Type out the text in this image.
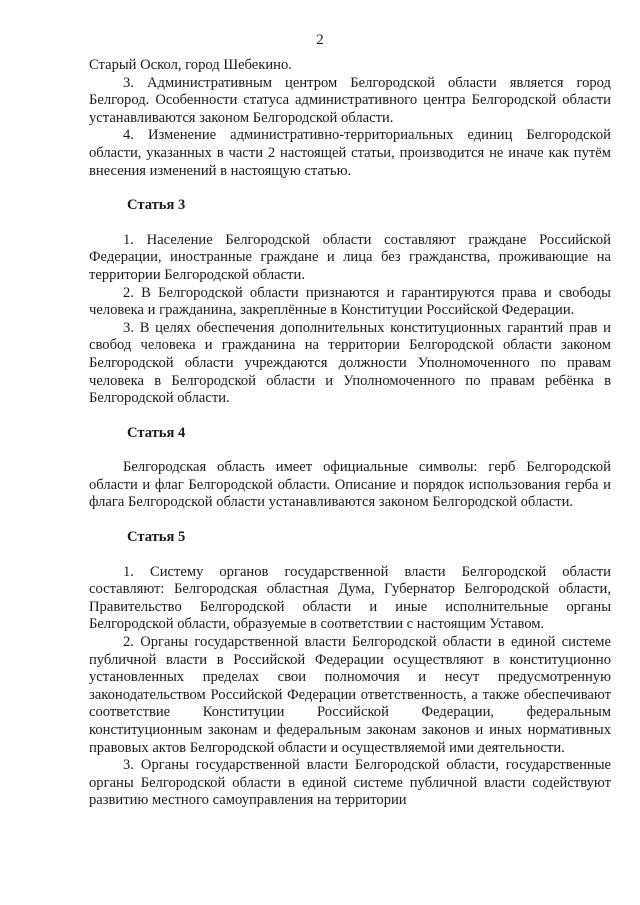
2

Старый Оскол, город Шебекино.

3. Административным центром Белгородской области является город Белгород. Особенности статуса административного центра Белгородской области устанавливаются законом Белгородской области.

4. Изменение административно-территориальных единиц Белгородской области, указанных в части 2 настоящей статьи, производится не иначе как путём внесения изменений в настоящую статью.

Статья 3

1. Население Белгородской области составляют граждане Российской Федерации, иностранные граждане и лица без гражданства, проживающие на территории Белгородской области.

2. В Белгородской области признаются и гарантируются права и свободы человека и гражданина, закреплённые в Конституции Российской Федерации.

3. В целях обеспечения дополнительных конституционных гарантий прав и свобод человека и гражданина на территории Белгородской области законом Белгородской области учреждаются должности Уполномоченного по правам человека в Белгородской области и Уполномоченного по правам ребёнка в Белгородской области.

Статья 4

Белгородская область имеет официальные символы: герб Белгородской области и флаг Белгородской области. Описание и порядок использования герба и флага Белгородской области устанавливаются законом Белгородской области.

Статья 5

1. Систему органов государственной власти Белгородской области составляют: Белгородская областная Дума, Губернатор Белгородской области, Правительство Белгородской области и иные исполнительные органы Белгородской области, образуемые в соответствии с настоящим Уставом.

2. Органы государственной власти Белгородской области в единой системе публичной власти в Российской Федерации осуществляют в конституционно установленных пределах свои полномочия и несут предусмотренную законодательством Российской Федерации ответственность, а также обеспечивают соответствие Конституции Российской Федерации, федеральным конституционным законам и федеральным законам законов и иных нормативных правовых актов Белгородской области и осуществляемой ими деятельности.

3. Органы государственной власти Белгородской области, государственные органы Белгородской области в единой системе публичной власти содействуют развитию местного самоуправления на территории
